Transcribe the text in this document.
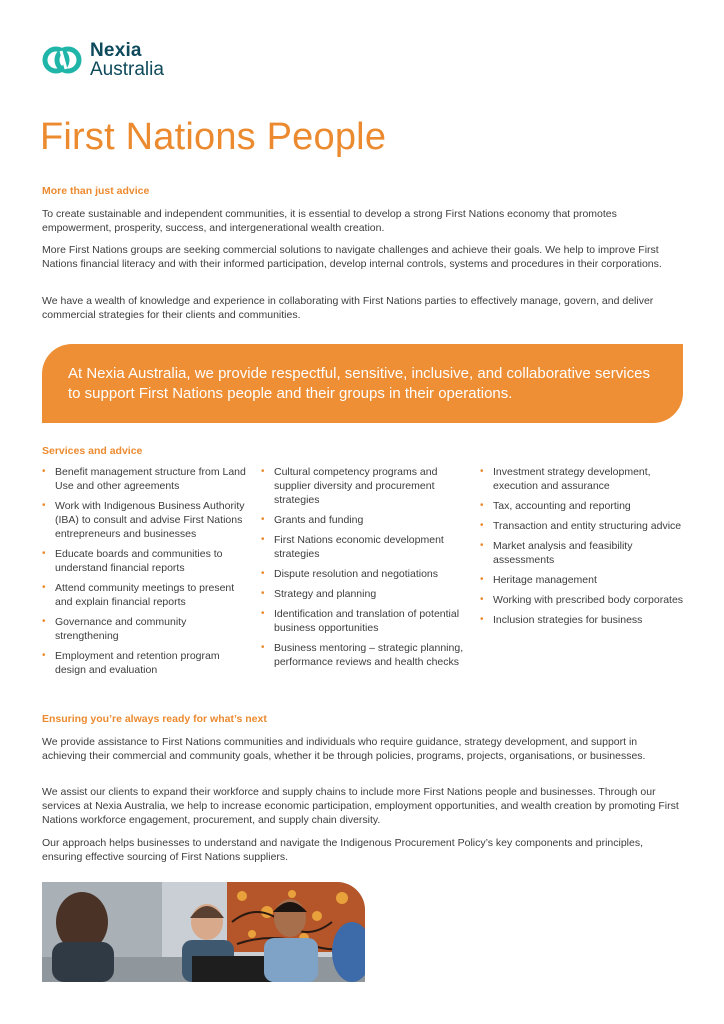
Nexia
Australia
First Nations People
More than just advice

To create sustainable and independent communities, it is essential to develop a strong First Nations economy that promotes empowerment, prosperity, success, and intergenerational wealth creation.

More First Nations groups are seeking commercial solutions to navigate challenges and achieve their goals. We help to improve First Nations financial literacy and with their informed participation, develop internal controls, systems and procedures in their corporations.

We have a wealth of knowledge and experience in collaborating with First Nations parties to effectively manage, govern, and deliver commercial strategies for their clients and communities.

At Nexia Australia, we provide respectful, sensitive, inclusive, and collaborative services to support First Nations people and their groups in their operations.

Services and advice
• Benefit management structure from Land Use and other agreements
• Work with Indigenous Business Authority (IBA) to consult and advise First Nations entrepreneurs and businesses
• Educate boards and communities to understand financial reports
• Attend community meetings to present and explain financial reports
• Governance and community strengthening
• Employment and retention program design and evaluation
• Cultural competency programs and supplier diversity and procurement strategies
• Grants and funding
• First Nations economic development strategies
• Dispute resolution and negotiations
• Strategy and planning
• Identification and translation of potential business opportunities
• Business mentoring – strategic planning, performance reviews and health checks
• Investment strategy development, execution and assurance
• Tax, accounting and reporting
• Transaction and entity structuring advice
• Market analysis and feasibility assessments
• Heritage management
• Working with prescribed body corporates
• Inclusion strategies for business
Ensuring you’re always ready for what’s next

We provide assistance to First Nations communities and individuals who require guidance, strategy development, and support in achieving their commercial and community goals, whether it be through policies, programs, projects, organisations, or businesses.

We assist our clients to expand their workforce and supply chains to include more First Nations people and businesses. Through our services at Nexia Australia, we help to increase economic participation, employment opportunities, and wealth creation by promoting First Nations workforce engagement, procurement, and supply chain diversity.

Our approach helps businesses to understand and navigate the Indigenous Procurement Policy’s key components and principles, ensuring effective sourcing of First Nations suppliers.
